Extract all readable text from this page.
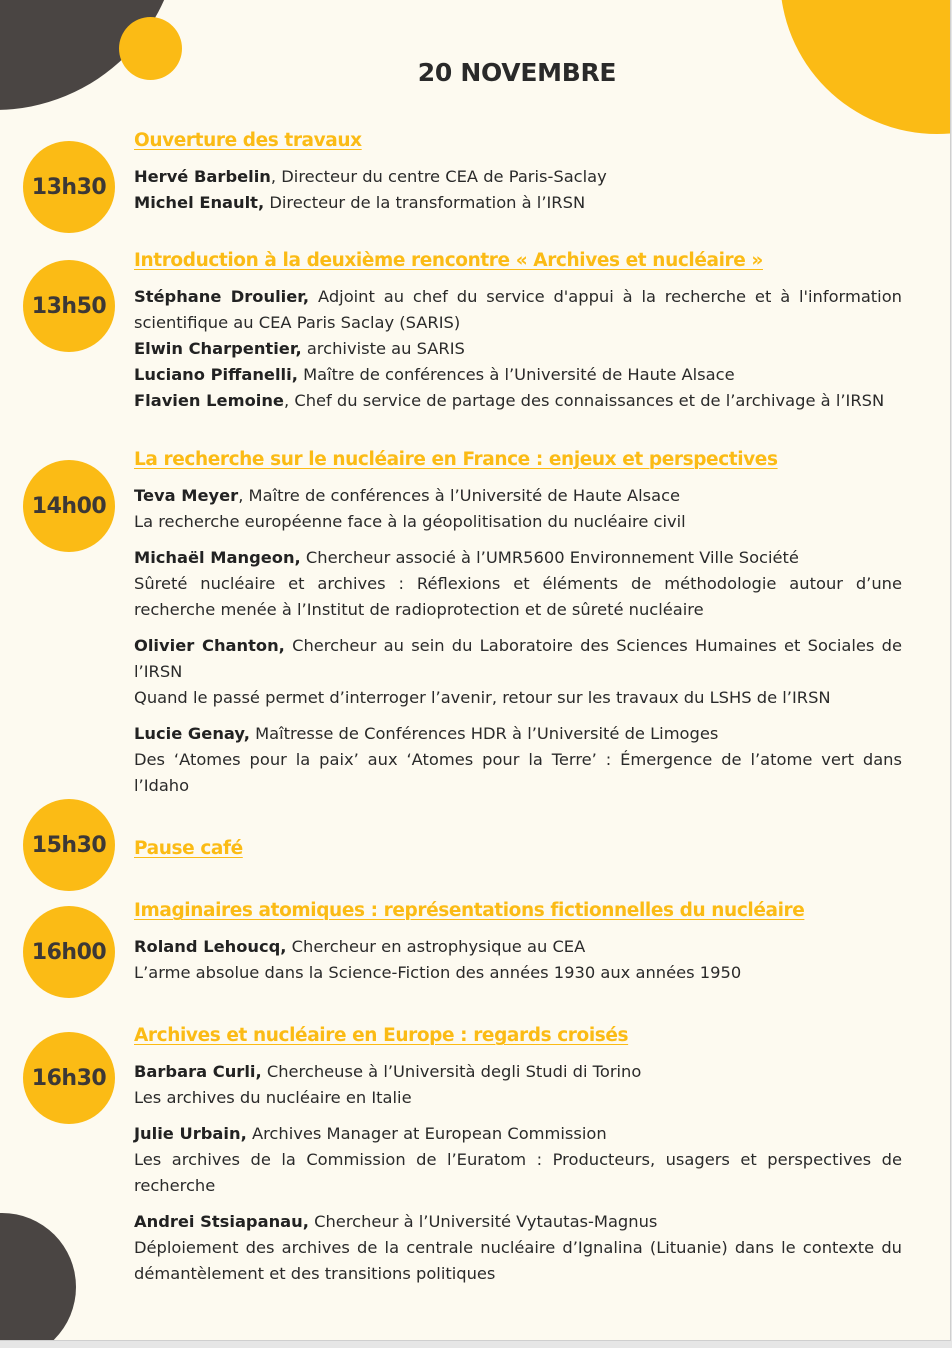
20 NOVEMBRE
13h30
Ouverture des travaux
Hervé Barbelin, Directeur du centre CEA de Paris-Saclay
Michel Enault, Directeur de la transformation à l’IRSN
13h50
Introduction à la deuxième rencontre « Archives et nucléaire »
Stéphane Droulier, Adjoint au chef du service d'appui à la recherche et à l'information scientifique au CEA Paris Saclay (SARIS)
Elwin Charpentier, archiviste au SARIS
Luciano Piffanelli, Maître de conférences à l’Université de Haute Alsace
Flavien Lemoine, Chef du service de partage des connaissances et de l’archivage à l’IRSN
14h00
La recherche sur le nucléaire en France : enjeux et perspectives
Teva Meyer, Maître de conférences à l’Université de Haute Alsace
La recherche européenne face à la géopolitisation du nucléaire civil
Michaël Mangeon, Chercheur associé à l’UMR5600 Environnement Ville Société
Sûreté nucléaire et archives : Réflexions et éléments de méthodologie autour d’une recherche menée à l’Institut de radioprotection et de sûreté nucléaire
Olivier Chanton, Chercheur au sein du Laboratoire des Sciences Humaines et Sociales de l’IRSN
Quand le passé permet d’interroger l’avenir, retour sur les travaux du LSHS de l’IRSN
Lucie Genay, Maîtresse de Conférences HDR à l’Université de Limoges
Des ‘Atomes pour la paix’ aux ‘Atomes pour la Terre’ : Émergence de l’atome vert dans l’Idaho
15h30	Pause café
16h00
Imaginaires atomiques : représentations fictionnelles du nucléaire
Roland Lehoucq, Chercheur en astrophysique au CEA
L’arme absolue dans la Science-Fiction des années 1930 aux années 1950
16h30
Archives et nucléaire en Europe : regards croisés
Barbara Curli, Chercheuse à l’Università degli Studi di Torino
Les archives du nucléaire en Italie
Julie Urbain, Archives Manager at European Commission
Les archives de la Commission de l’Euratom : Producteurs, usagers et perspectives de recherche
Andrei Stsiapanau, Chercheur à l’Université Vytautas-Magnus
Déploiement des archives de la centrale nucléaire d’Ignalina (Lituanie) dans le contexte du démantèlement et des transitions politiques
